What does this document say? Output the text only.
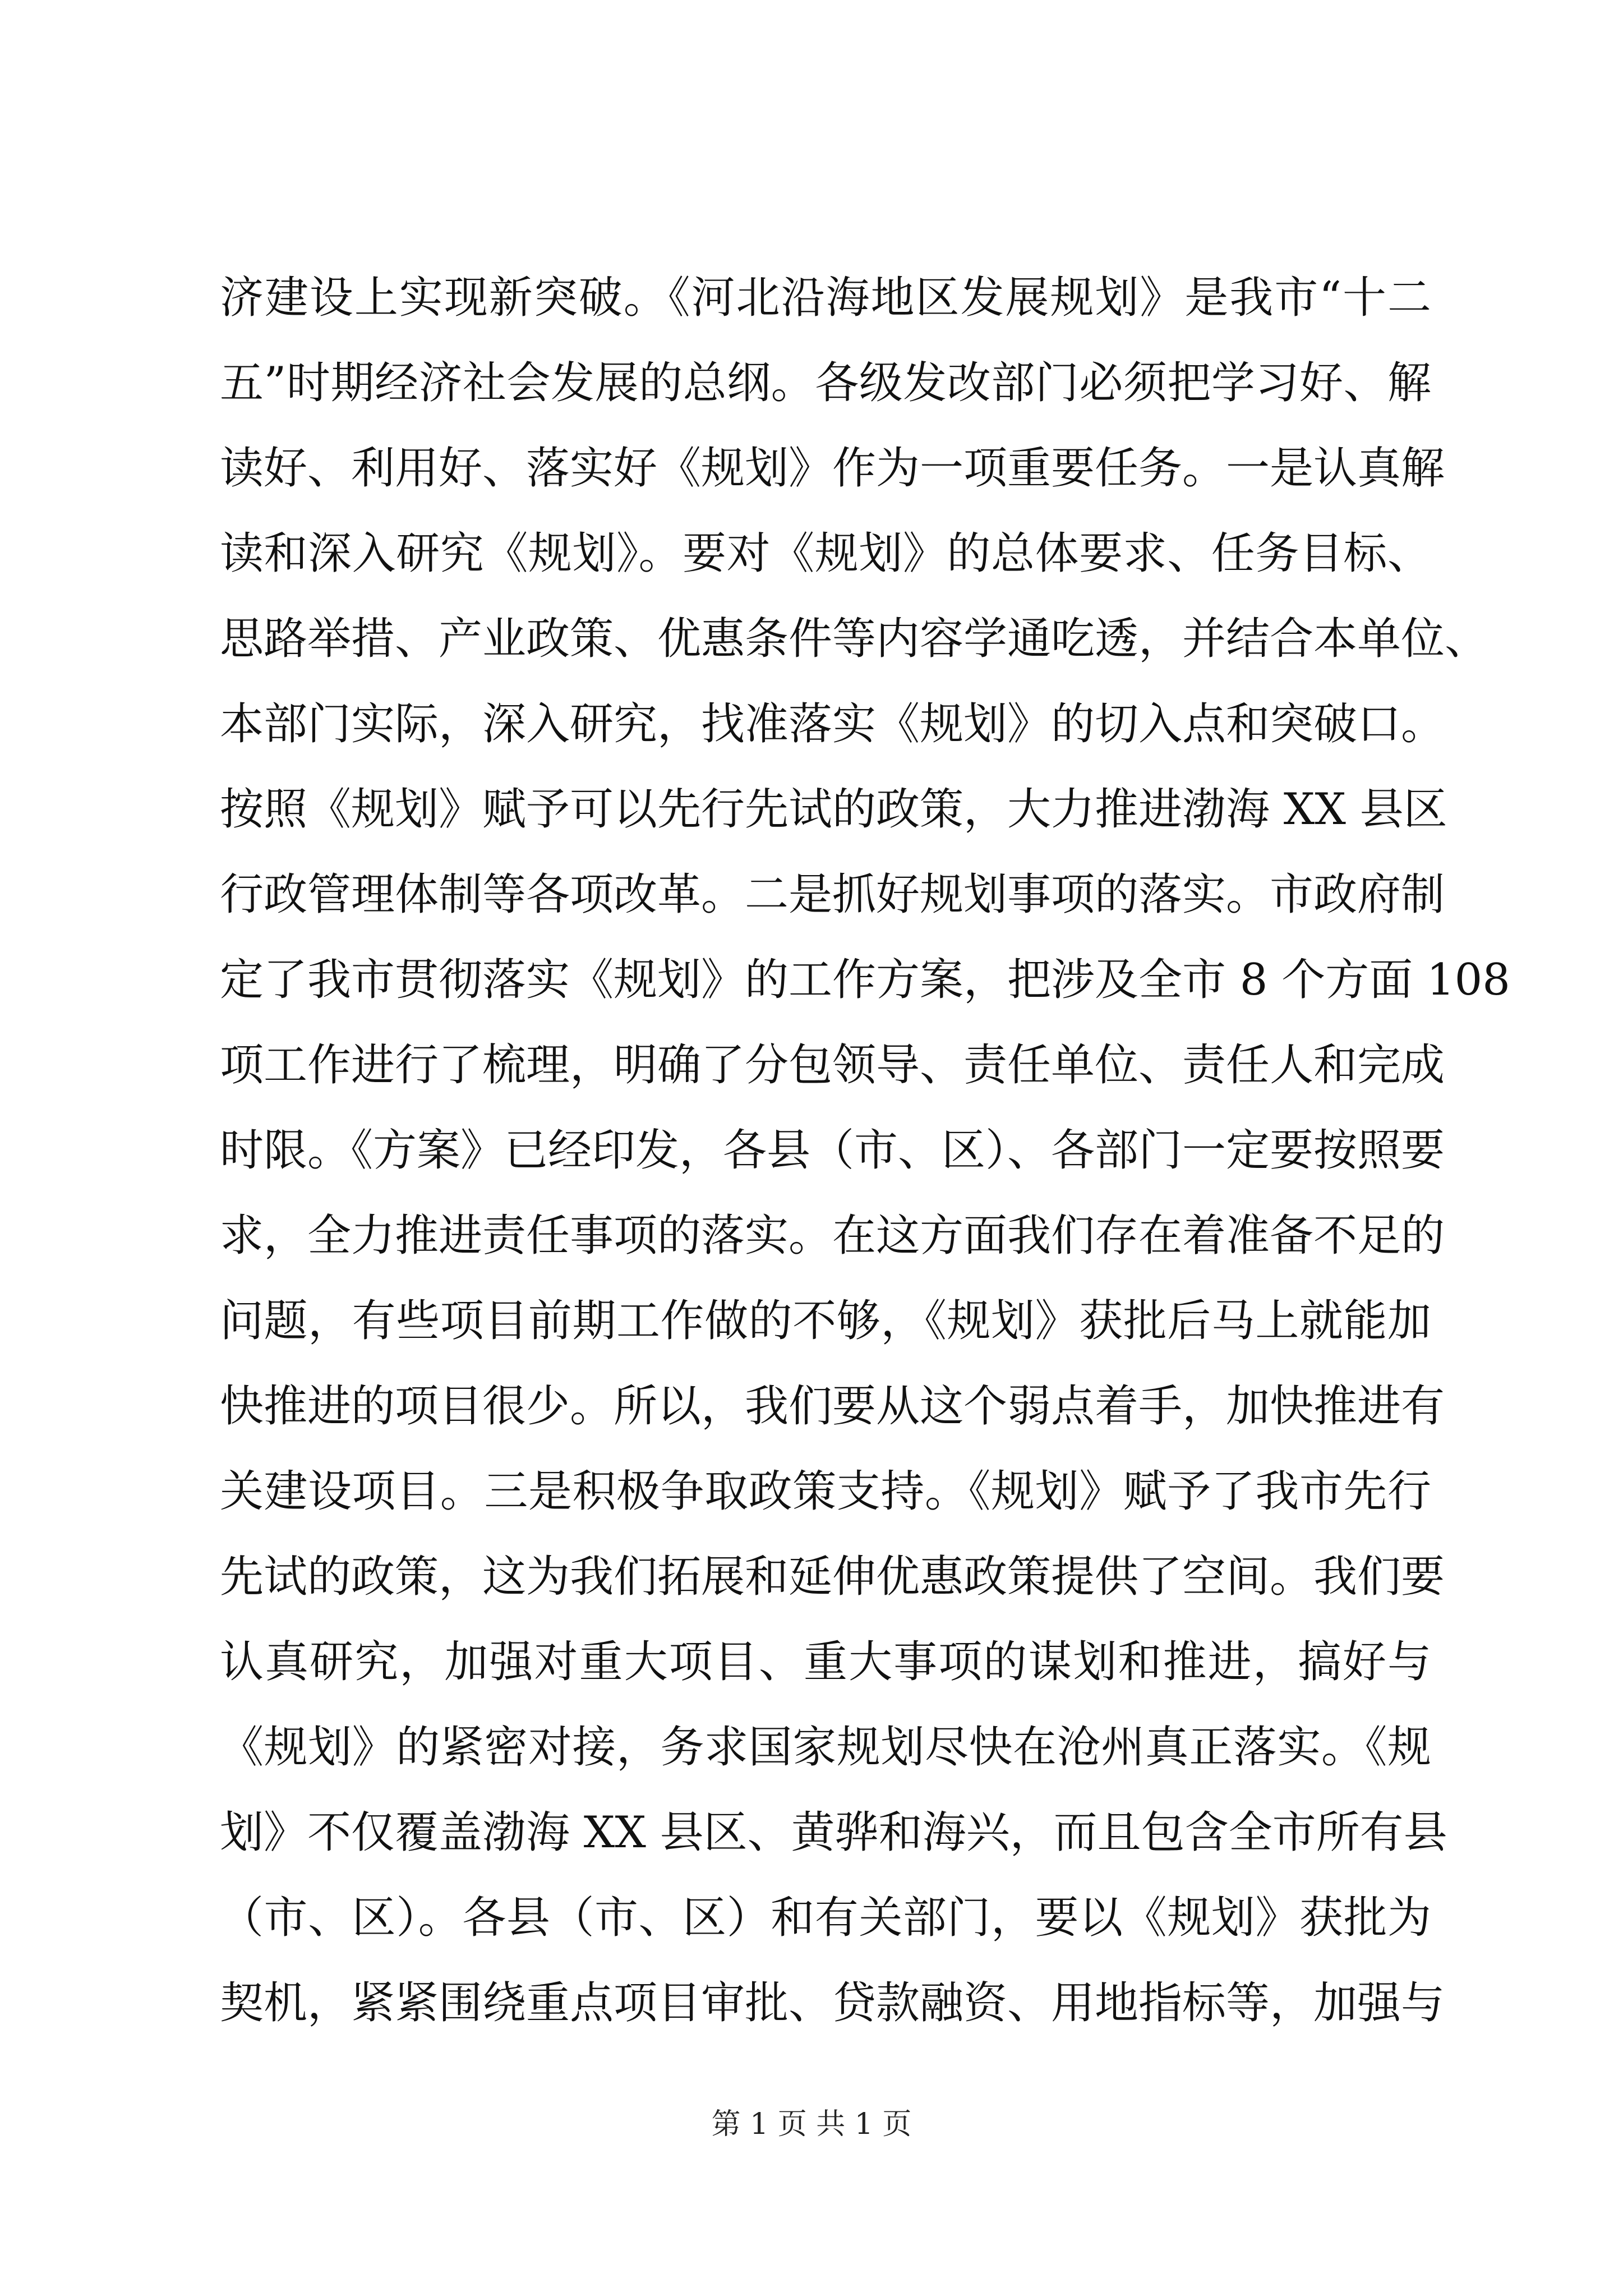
济建设上实现新突破。《河北沿海地区发展规划》是我市“十二
五”时期经济社会发展的总纲。各级发改部门必须把学习好、解
读好、利用好、落实好《规划》作为一项重要任务。一是认真解
读和深入研究《规划》。要对《规划》的总体要求、任务目标、
思路举措、产业政策、优惠条件等内容学通吃透，并结合本单位、
本部门实际，深入研究，找准落实《规划》的切入点和突破口。
按照《规划》赋予可以先行先试的政策，大力推进渤海 XX 县区
行政管理体制等各项改革。二是抓好规划事项的落实。市政府制
定了我市贯彻落实《规划》的工作方案，把涉及全市 8 个方面 108
项工作进行了梳理，明确了分包领导、责任单位、责任人和完成
时限。《方案》已经印发，各县（市、区）、各部门一定要按照要
求，全力推进责任事项的落实。在这方面我们存在着准备不足的
问题，有些项目前期工作做的不够，《规划》获批后马上就能加
快推进的项目很少。所以，我们要从这个弱点着手，加快推进有
关建设项目。三是积极争取政策支持。《规划》赋予了我市先行
先试的政策，这为我们拓展和延伸优惠政策提供了空间。我们要
认真研究，加强对重大项目、重大事项的谋划和推进，搞好与
《规划》的紧密对接，务求国家规划尽快在沧州真正落实。《规
划》不仅覆盖渤海 XX 县区、黄骅和海兴，而且包含全市所有县
（市、区）。各县（市、区）和有关部门，要以《规划》获批为
契机，紧紧围绕重点项目审批、贷款融资、用地指标等，加强与
第 1 页 共 1 页
